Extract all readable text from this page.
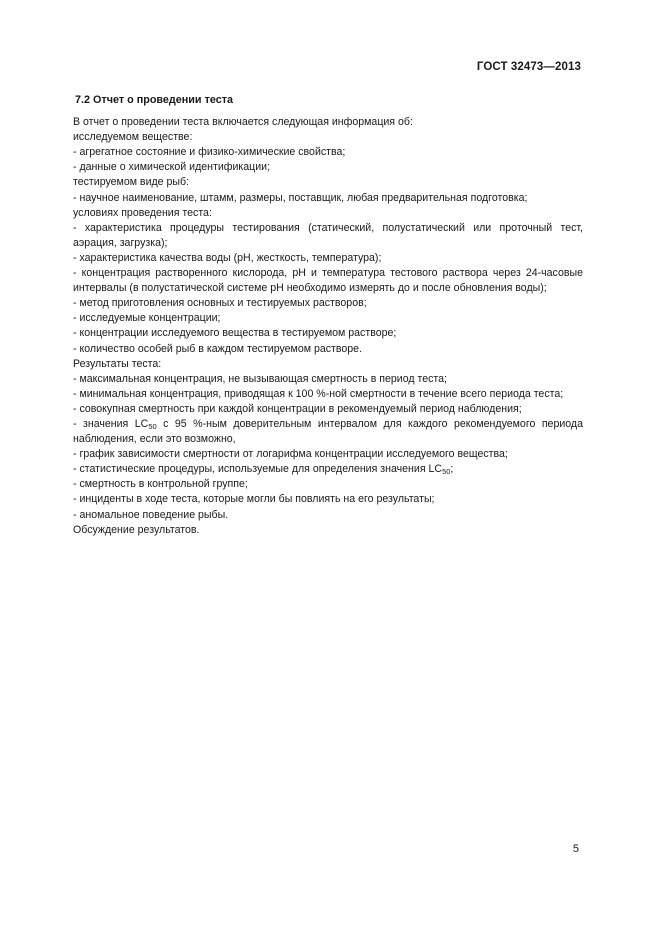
ГОСТ 32473—2013
7.2 Отчет о проведении теста
В отчет о проведении теста включается следующая информация об:
исследуемом веществе:
- агрегатное состояние и физико-химические свойства;
- данные о химической идентификации;
тестируемом виде рыб:
- научное наименование, штамм, размеры, поставщик, любая предварительная подготовка;
условиях проведения теста:
- характеристика процедуры тестирования (статический, полустатический или проточный тест, аэрация, загрузка);
- характеристика качества воды (pH, жесткость, температура);
- концентрация растворенного кислорода, pH и температура тестового раствора через 24-часовые интервалы (в полустатической системе pH необходимо измерять до и после обновления воды);
- метод приготовления основных и тестируемых растворов;
- исследуемые концентрации;
- концентрации исследуемого вещества в тестируемом растворе;
- количество особей рыб в каждом тестируемом растворе.
Результаты теста:
- максимальная концентрация, не вызывающая смертность в период теста;
- минимальная концентрация, приводящая к 100 %-ной смертности в течение всего периода теста;
- совокупная смертность при каждой концентрации в рекомендуемый период наблюдения;
- значения $LC_{50}$ с 95 %-ным доверительным интервалом для каждого рекомендуемого периода наблюдения, если это возможно,
- график зависимости смертности от логарифма концентрации исследуемого вещества;
- статистические процедуры, используемые для определения значения $LC_{50}$;
- смертность в контрольной группе;
- инциденты в ходе теста, которые могли бы повлиять на его результаты;
- аномальное поведение рыбы.
Обсуждение результатов.
5
